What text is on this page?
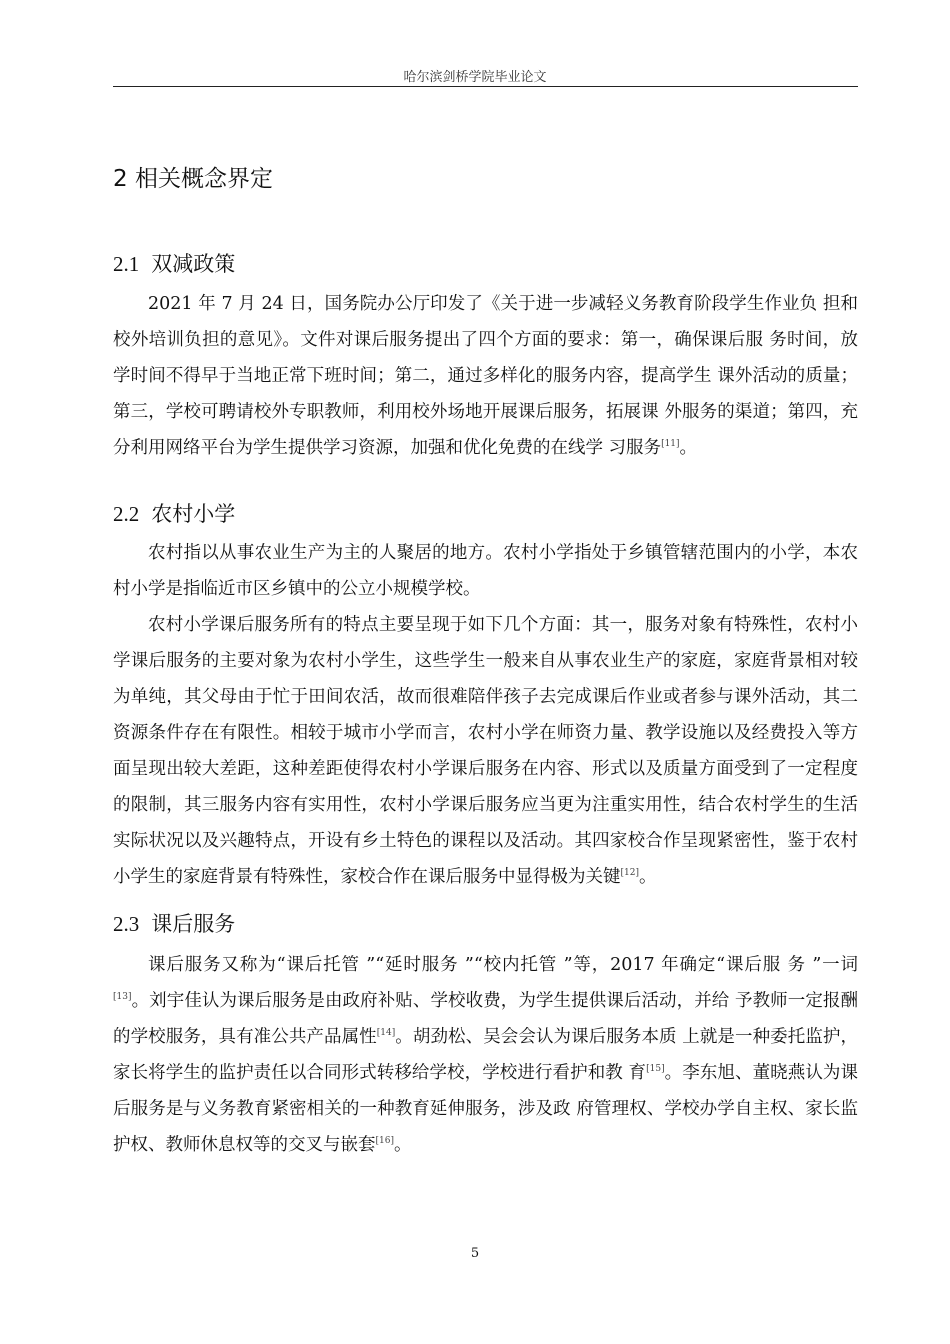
哈尔滨剑桥学院毕业论文
2 相关概念界定
2.1 双减政策

2021 年 7 月 24 日，国务院办公厅印发了《关于进一步减轻义务教育阶段学生作业负 担和校外培训负担的意见》。文件对课后服务提出了四个方面的要求：第一，确保课后服 务时间，放学时间不得早于当地正常下班时间；第二，通过多样化的服务内容，提高学生 课外活动的质量；第三，学校可聘请校外专职教师，利用校外场地开展课后服务，拓展课 外服务的渠道；第四，充分利用网络平台为学生提供学习资源，加强和优化免费的在线学 习服务[11]。

2.2 农村小学

农村指以从事农业生产为主的人聚居的地方。农村小学指处于乡镇管辖范围内的小学，本农村小学是指临近市区乡镇中的公立小规模学校。

农村小学课后服务所有的特点主要呈现于如下几个方面：其一，服务对象有特殊性，农村小学课后服务的主要对象为农村小学生，这些学生一般来自从事农业生产的家庭，家庭背景相对较为单纯，其父母由于忙于田间农活，故而很难陪伴孩子去完成课后作业或者参与课外活动，其二资源条件存在有限性。相较于城市小学而言，农村小学在师资力量、教学设施以及经费投入等方面呈现出较大差距，这种差距使得农村小学课后服务在内容、形式以及质量方面受到了一定程度的限制，其三服务内容有实用性，农村小学课后服务应当更为注重实用性，结合农村学生的生活实际状况以及兴趣特点，开设有乡土特色的课程以及活动。其四家校合作呈现紧密性，鉴于农村小学生的家庭背景有特殊性，家校合作在课后服务中显得极为关键[12]。

2.3 课后服务

课后服务又称为“课后托管 ”“延时服务 ”“校内托管 ”等，2017 年确定“课后服 务 ”一词[13]。刘宇佳认为课后服务是由政府补贴、学校收费，为学生提供课后活动，并给 予教师一定报酬的学校服务，具有准公共产品属性[14]。胡劲松、吴会会认为课后服务本质 上就是一种委托监护，家长将学生的监护责任以合同形式转移给学校，学校进行看护和教 育[15]。李东旭、董晓燕认为课后服务是与义务教育紧密相关的一种教育延伸服务，涉及政 府管理权、学校办学自主权、家长监护权、教师休息权等的交叉与嵌套[16]。

5
